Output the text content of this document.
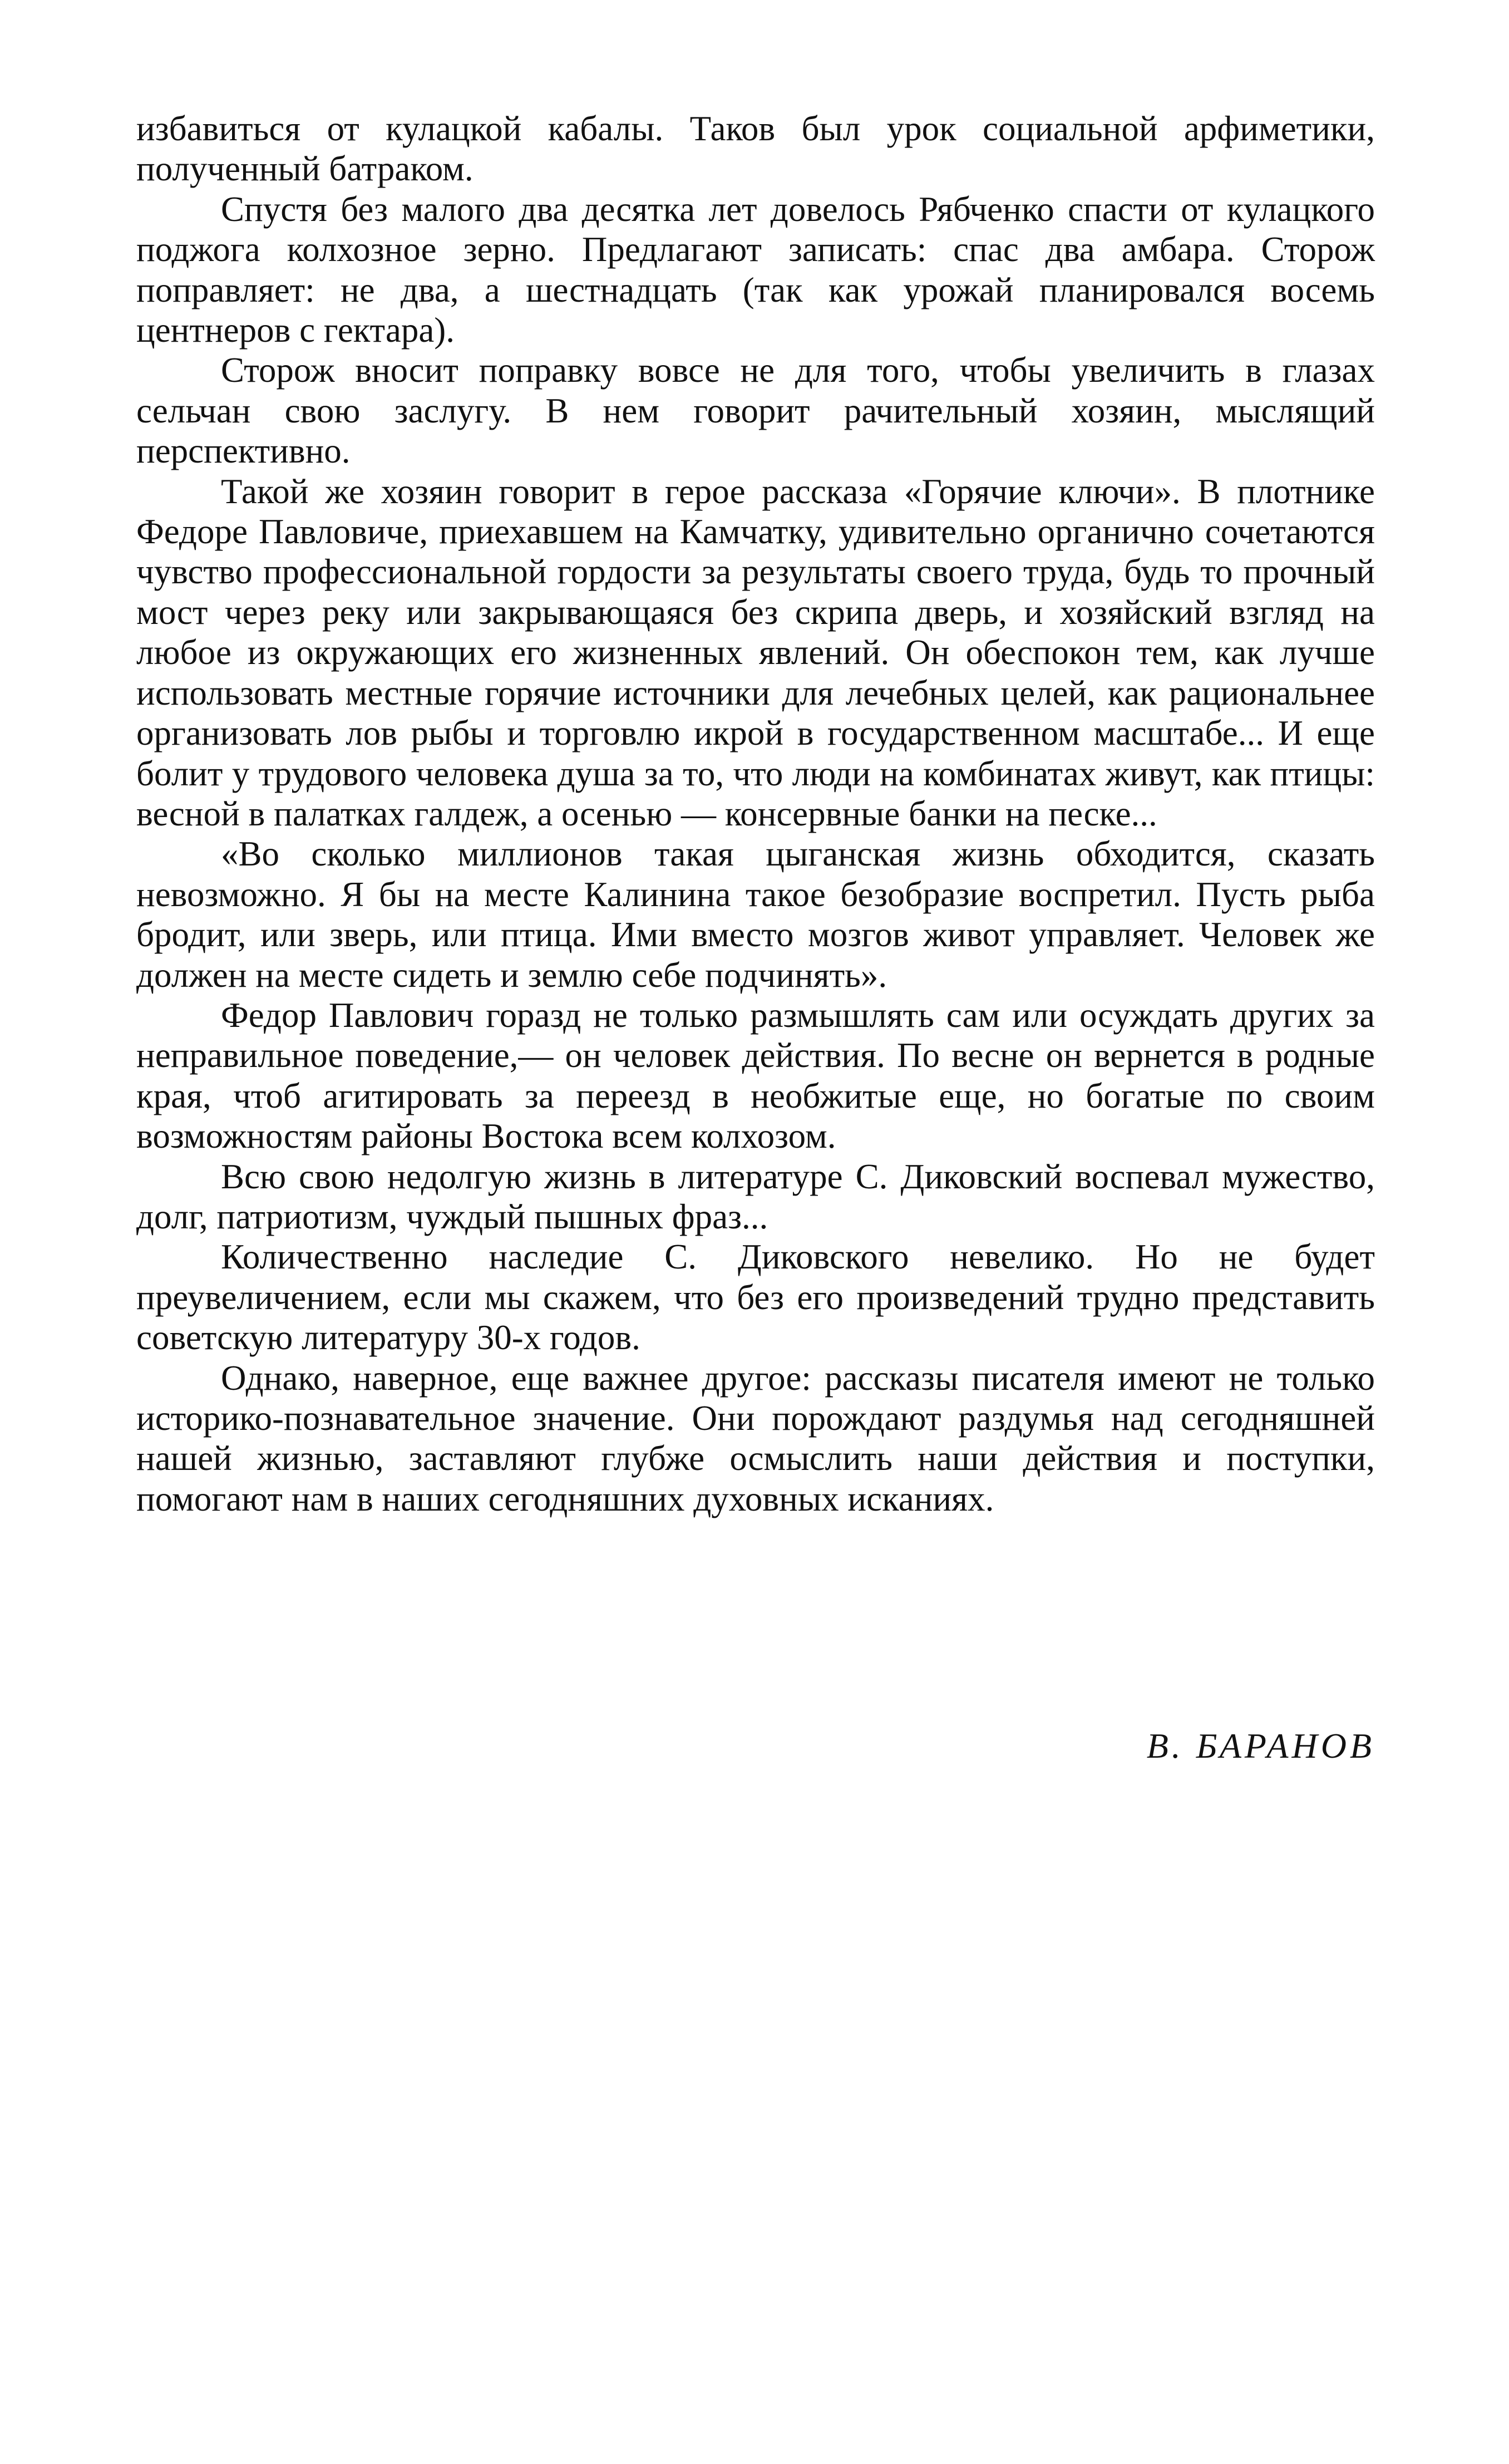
избавиться от кулацкой кабалы. Таков был урок социальной арфиметики, полученный батраком.

Спустя без малого два десятка лет довелось Рябченко спасти от кулацкого поджога колхозное зерно. Предлагают записать: спас два амбара. Сторож поправляет: не два, а шестнадцать (так как урожай планировался восемь центнеров с гектара).

Сторож вносит поправку вовсе не для того, чтобы увеличить в глазах сельчан свою заслугу. В нем говорит рачительный хозяин, мыслящий перспективно.

Такой же хозяин говорит в герое рассказа «Горячие ключи». В плотнике Федоре Павловиче, приехавшем на Камчатку, удивительно органично сочетаются чувство профессиональной гордости за результаты своего труда, будь то прочный мост через реку или закрывающаяся без скрипа дверь, и хозяйский взгляд на любое из окружающих его жизненных явлений. Он обеспокон тем, как лучше использовать местные горячие источники для лечебных целей, как рациональнее организовать лов рыбы и торговлю икрой в государственном масштабе... И еще болит у трудового человека душа за то, что люди на комбинатах живут, как птицы: весной в палатках галдеж, а осенью — консервные банки на песке...

«Во сколько миллионов такая цыганская жизнь обходится, сказать невозможно. Я бы на месте Калинина такое безобразие воспретил. Пусть рыба бродит, или зверь, или птица. Ими вместо мозгов живот управляет. Человек же должен на месте сидеть и землю себе подчинять».

Федор Павлович горазд не только размышлять сам или осуждать других за неправильное поведение,— он человек действия. По весне он вернется в родные края, чтоб агитировать за переезд в необжитые еще, но богатые по своим возможностям районы Востока всем колхозом.

Всю свою недолгую жизнь в литературе С. Диковский воспевал мужество, долг, патриотизм, чуждый пышных фраз...

Количественно наследие С. Диковского невелико. Но не будет преувеличением, если мы скажем, что без его произведений трудно представить советскую литературу 30-х годов.

Однако, наверное, еще важнее другое: рассказы писателя имеют не только историко-познавательное значение. Они порождают раздумья над сегодняшней нашей жизнью, заставляют глубже осмыслить наши действия и поступки, помогают нам в наших сегодняшних духовных исканиях.

В. БАРАНОВ
